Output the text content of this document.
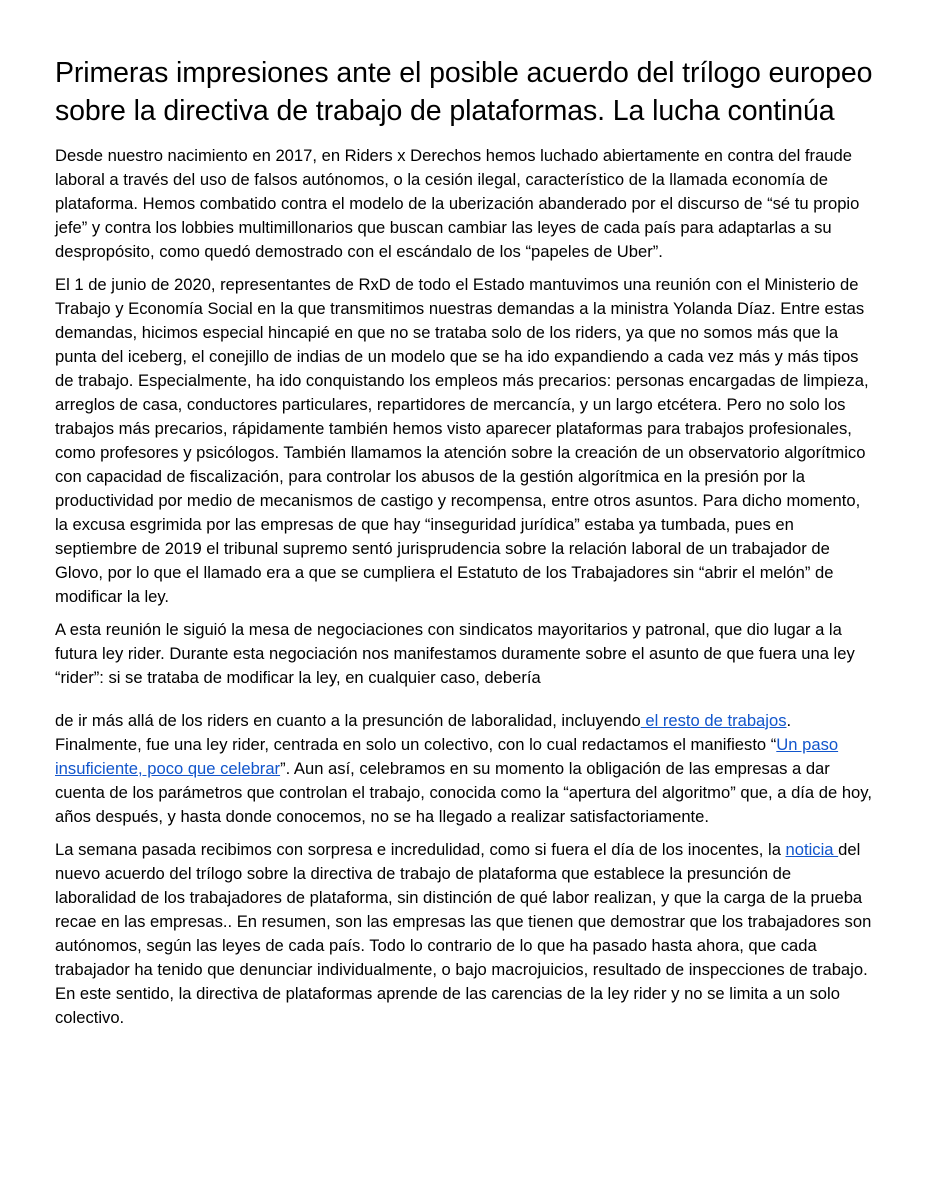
Primeras impresiones ante el posible acuerdo del trílogo europeo sobre la directiva de trabajo de plataformas. La lucha continúa

Desde nuestro nacimiento en 2017, en Riders x Derechos hemos luchado abiertamente en contra del fraude laboral a través del uso de falsos autónomos, o la cesión ilegal, característico de la llamada economía de plataforma. Hemos combatido contra el modelo de la uberización abanderado por el discurso de “sé tu propio jefe” y contra los lobbies multimillonarios que buscan cambiar las leyes de cada país para adaptarlas a su despropósito, como quedó demostrado con el escándalo de los “papeles de Uber”.

El 1 de junio de 2020, representantes de RxD de todo el Estado mantuvimos una reunión con el Ministerio de Trabajo y Economía Social en la que transmitimos nuestras demandas a la ministra Yolanda Díaz. Entre estas demandas, hicimos especial hincapié en que no se trataba solo de los riders, ya que no somos más que la punta del iceberg, el conejillo de indias de un modelo que se ha ido expandiendo a cada vez más y más tipos de trabajo. Especialmente, ha ido conquistando los empleos más precarios: personas encargadas de limpieza, arreglos de casa, conductores particulares, repartidores de mercancía, y un largo etcétera. Pero no solo los trabajos más precarios, rápidamente también hemos visto aparecer plataformas para trabajos profesionales, como profesores y psicólogos. También llamamos la atención sobre la creación de un observatorio algorítmico con capacidad de fiscalización, para controlar los abusos de la gestión algorítmica en la presión por la productividad por medio de mecanismos de castigo y recompensa, entre otros asuntos. Para dicho momento, la excusa esgrimida por las empresas de que hay “inseguridad jurídica” estaba ya tumbada, pues en septiembre de 2019 el tribunal supremo sentó jurisprudencia sobre la relación laboral de un trabajador de Glovo, por lo que el llamado era a que se cumpliera el Estatuto de los Trabajadores sin “abrir el melón” de modificar la ley.

A esta reunión le siguió la mesa de negociaciones con sindicatos mayoritarios y patronal, que dio lugar a la futura ley rider. Durante esta negociación nos manifestamos duramente sobre el asunto de que fuera una ley “rider”: si se trataba de modificar la ley, en cualquier caso, debería

de ir más allá de los riders en cuanto a la presunción de laboralidad, incluyendo el resto de trabajos. Finalmente, fue una ley rider, centrada en solo un colectivo, con lo cual redactamos el manifiesto “Un paso insuficiente, poco que celebrar”. Aun así, celebramos en su momento la obligación de las empresas a dar cuenta de los parámetros que controlan el trabajo, conocida como la “apertura del algoritmo” que, a día de hoy, años después, y hasta donde conocemos, no se ha llegado a realizar satisfactoriamente.

La semana pasada recibimos con sorpresa e incredulidad, como si fuera el día de los inocentes, la noticia del nuevo acuerdo del trílogo sobre la directiva de trabajo de plataforma que establece la presunción de laboralidad de los trabajadores de plataforma, sin distinción de qué labor realizan, y que la carga de la prueba recae en las empresas.. En resumen, son las empresas las que tienen que demostrar que los trabajadores son autónomos, según las leyes de cada país. Todo lo contrario de lo que ha pasado hasta ahora, que cada trabajador ha tenido que denunciar individualmente, o bajo macrojuicios, resultado de inspecciones de trabajo. En este sentido, la directiva de plataformas aprende de las carencias de la ley rider y no se limita a un solo colectivo.
